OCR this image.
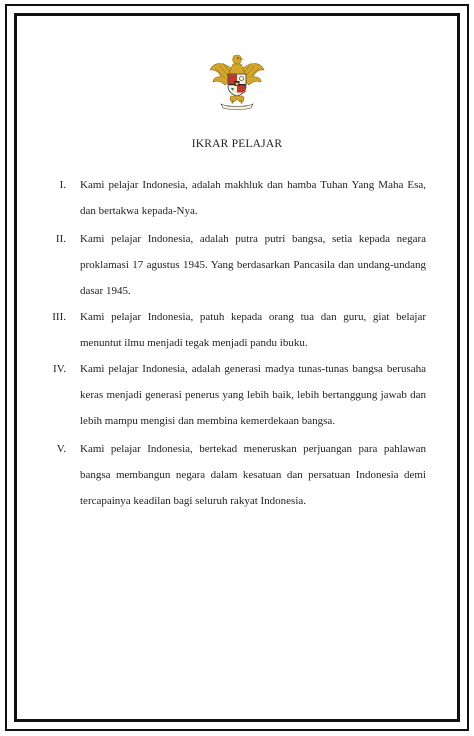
IKRAR PELAJAR
I. Kami pelajar Indonesia, adalah makhluk dan hamba Tuhan Yang Maha Esa, dan bertakwa kepada-Nya.
II. Kami pelajar Indonesia, adalah putra putri bangsa, setia kepada negara proklamasi 17 agustus 1945. Yang berdasarkan Pancasila dan undang-undang dasar 1945.
III. Kami pelajar Indonesia, patuh kepada orang tua dan guru, giat belajar menuntut ilmu menjadi tegak menjadi pandu ibuku.
IV. Kami pelajar Indonesia, adalah generasi madya tunas-tunas bangsa berusaha keras menjadi generasi penerus yang lebih baik, lebih bertanggung jawab dan lebih mampu mengisi dan membina kemerdekaan bangsa.
V. Kami pelajar Indonesia, bertekad meneruskan perjuangan para pahlawan bangsa membangun negara dalam kesatuan dan persatuan Indonesia demi tercapainya keadilan bagi seluruh rakyat Indonesia.
